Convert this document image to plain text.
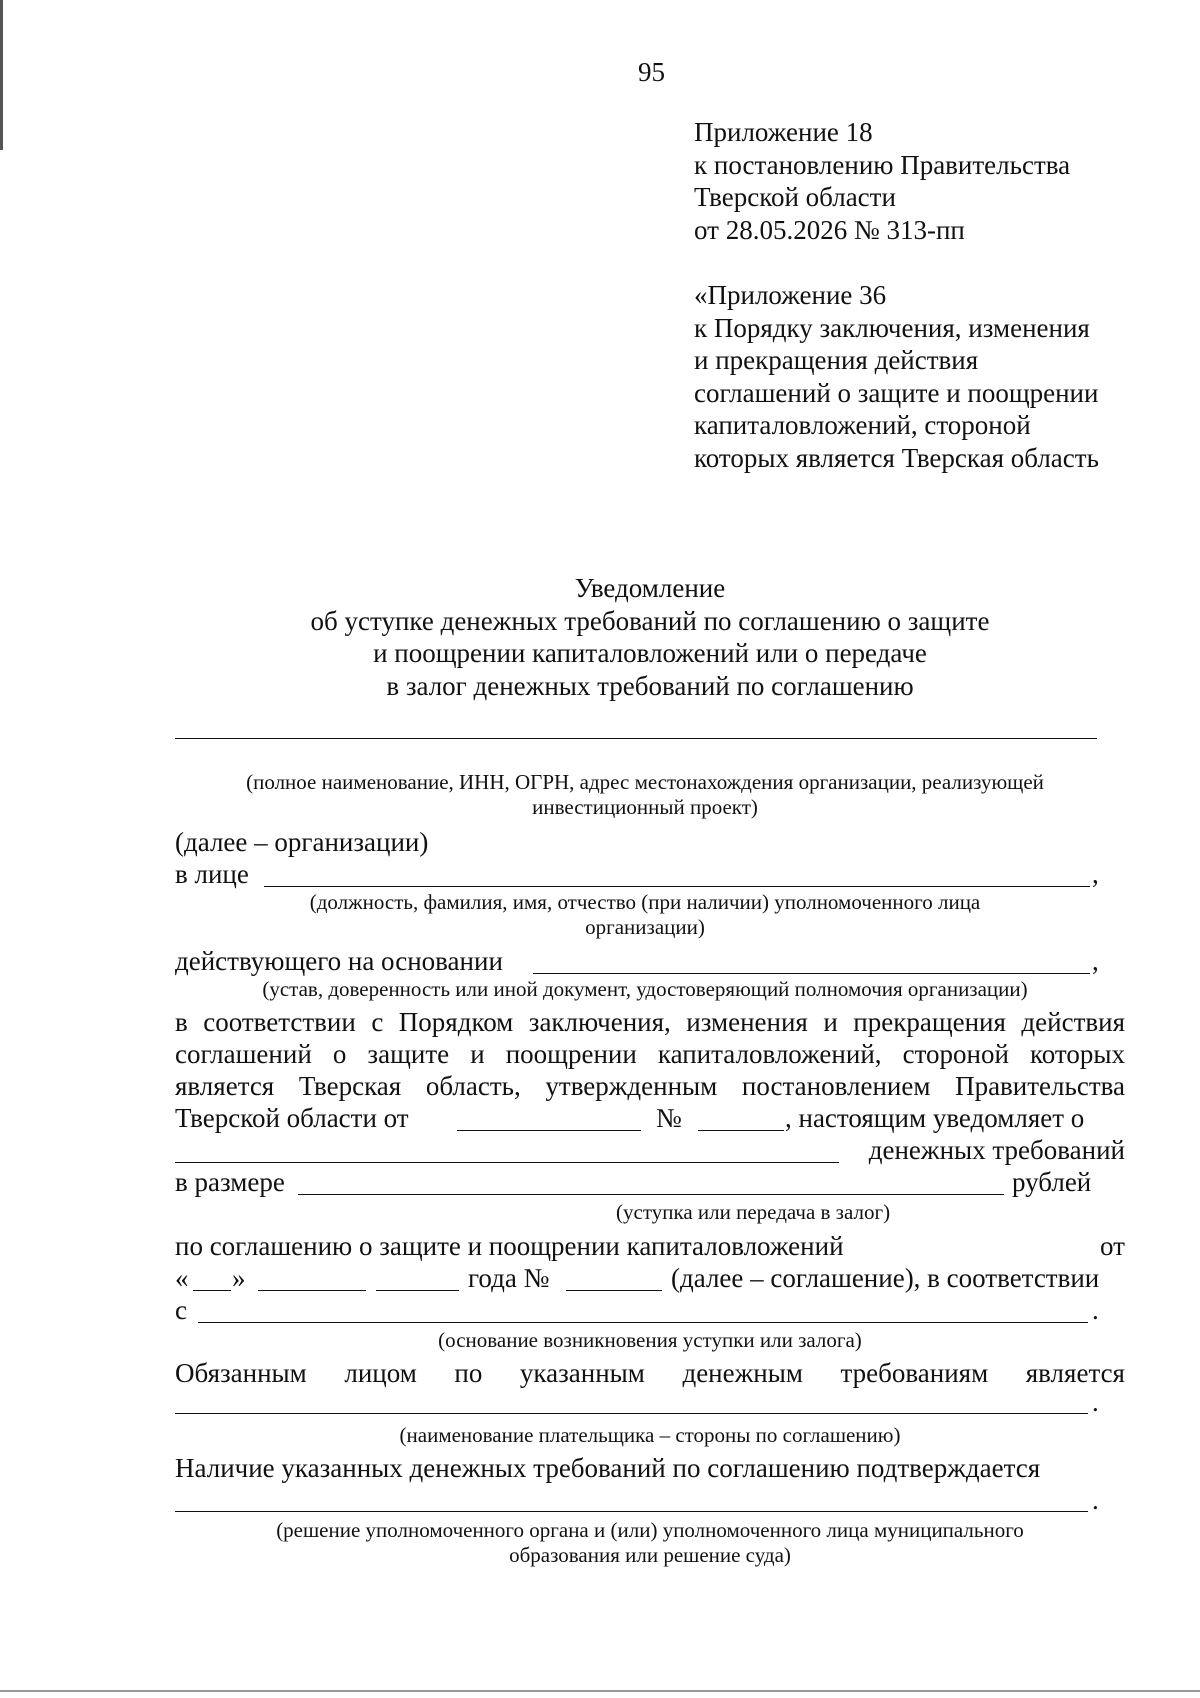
95
Приложение 18
к постановлению Правительства
Тверской области
от 28.05.2026 № 313-пп
«Приложение 36
к Порядку заключения, изменения
и прекращения действия
соглашений о защите и поощрении
капиталовложений, стороной
которых является Тверская область
Уведомление
об уступке денежных требований по соглашению о защите
и поощрении капиталовложений или о передаче
в залог денежных требований по соглашению
(полное наименование, ИНН, ОГРН, адрес местонахождения организации, реализующей
инвестиционный проект)
(далее – организации)
в лице	,
(должность, фамилия, имя, отчество (при наличии) уполномоченного лица
организации)
действующего на основании	,
(устав, доверенность или иной документ, удостоверяющий полномочия организации)
в соответствии с Порядком заключения, изменения и прекращения действия
соглашений о защите и поощрении капиталовложений, стороной которых
является Тверская область, утвержденным постановлением Правительства
Тверской области от	№	, настоящим уведомляет о
денежных требований
в размере	рублей
(уступка или передача в залог)
по соглашению о защите и поощрении капиталовложений	от
« »	года №	(далее – соглашение), в соответствии
с	.
(основание возникновения уступки или залога)
Обязанным лицом по указанным денежным требованиям является
.
(наименование плательщика – стороны по соглашению)
Наличие указанных денежных требований по соглашению подтверждается
.
(решение уполномоченного органа и (или) уполномоченного лица муниципального
образования или решение суда)
